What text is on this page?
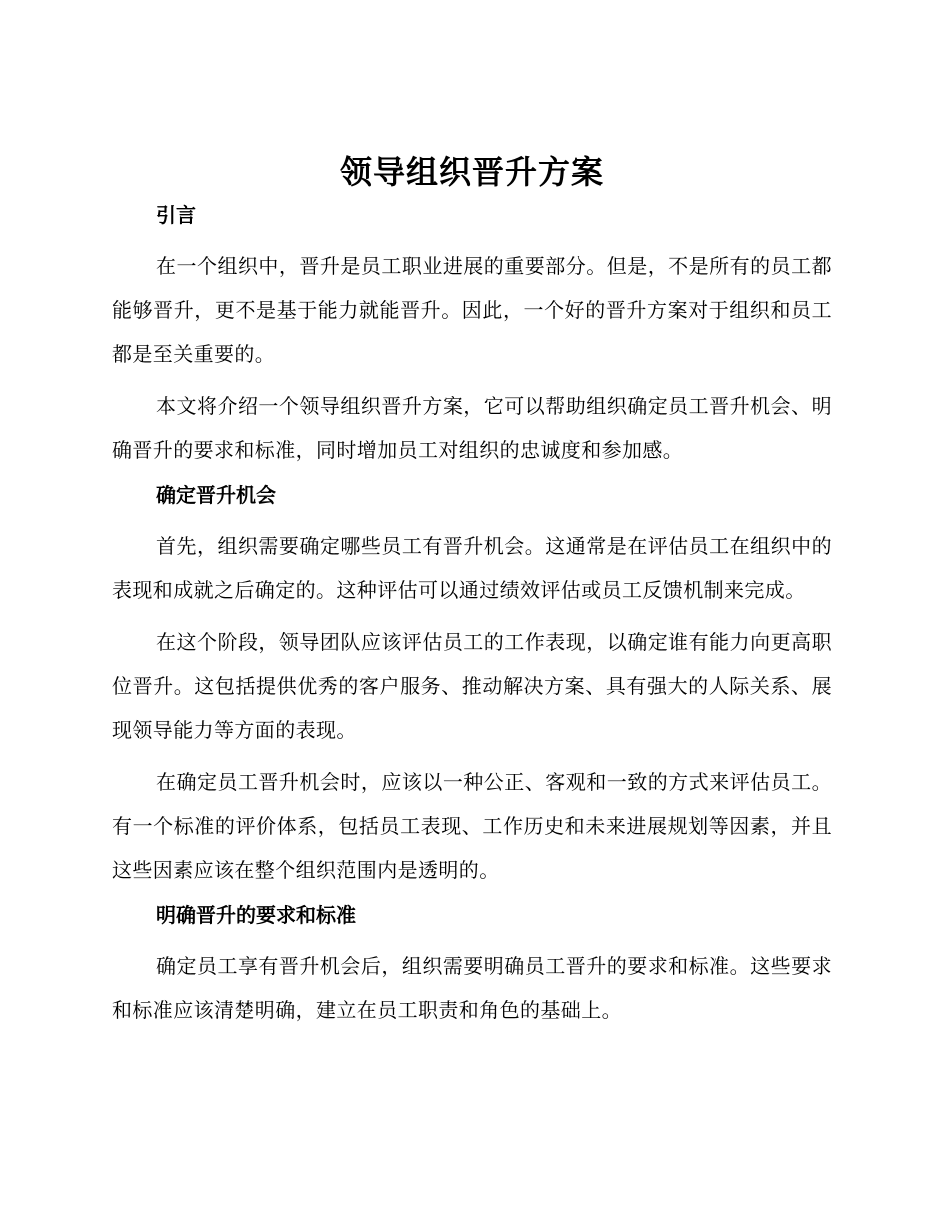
领导组织晋升方案
引言

在一个组织中，晋升是员工职业进展的重要部分。但是，不是所有的员工都能够晋升，更不是基于能力就能晋升。因此，一个好的晋升方案对于组织和员工都是至关重要的。

本文将介绍一个领导组织晋升方案，它可以帮助组织确定员工晋升机会、明确晋升的要求和标准，同时增加员工对组织的忠诚度和参加感。

确定晋升机会

首先，组织需要确定哪些员工有晋升机会。这通常是在评估员工在组织中的表现和成就之后确定的。这种评估可以通过绩效评估或员工反馈机制来完成。

在这个阶段，领导团队应该评估员工的工作表现，以确定谁有能力向更高职位晋升。这包括提供优秀的客户服务、推动解决方案、具有强大的人际关系、展现领导能力等方面的表现。

在确定员工晋升机会时，应该以一种公正、客观和一致的方式来评估员工。有一个标准的评价体系，包括员工表现、工作历史和未来进展规划等因素，并且这些因素应该在整个组织范围内是透明的。

明确晋升的要求和标准

确定员工享有晋升机会后，组织需要明确员工晋升的要求和标准。这些要求和标准应该清楚明确，建立在员工职责和角色的基础上。
